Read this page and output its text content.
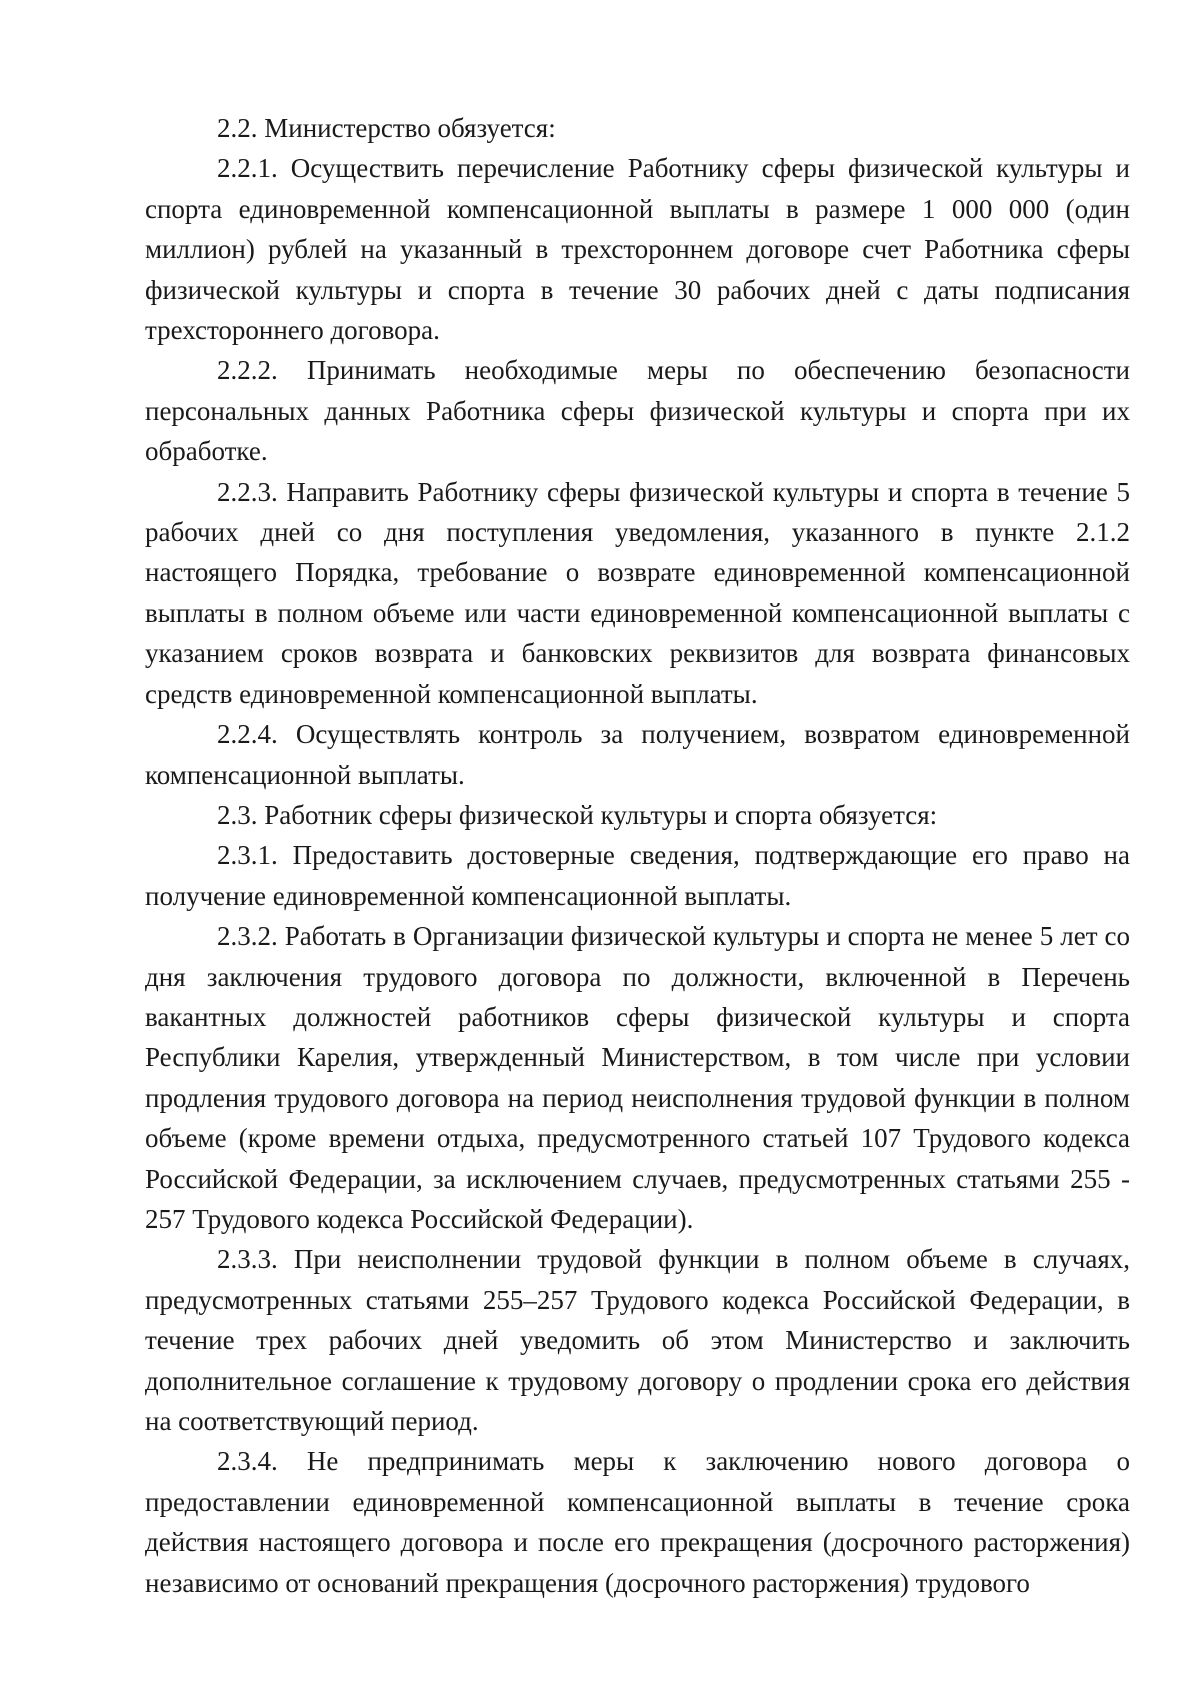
2.2. Министерство обязуется:

2.2.1. Осуществить перечисление Работнику сферы физической культуры и спорта единовременной компенсационной выплаты в размере 1 000 000 (один миллион) рублей на указанный в трехстороннем договоре счет Работника сферы физической культуры и спорта в течение 30 рабочих дней с даты подписания трехстороннего договора.

2.2.2. Принимать необходимые меры по обеспечению безопасности персональных данных Работника сферы физической культуры и спорта при их обработке.

2.2.3. Направить Работнику сферы физической культуры и спорта в течение 5 рабочих дней со дня поступления уведомления, указанного в пункте 2.1.2 настоящего Порядка, требование о возврате единовременной компенсационной выплаты в полном объеме или части единовременной компенсационной выплаты с указанием сроков возврата и банковских реквизитов для возврата финансовых средств единовременной компенсационной выплаты.

2.2.4. Осуществлять контроль за получением, возвратом единовременной компенсационной выплаты.

2.3. Работник сферы физической культуры и спорта обязуется:

2.3.1. Предоставить достоверные сведения, подтверждающие его право на получение единовременной компенсационной выплаты.

2.3.2. Работать в Организации физической культуры и спорта не менее 5 лет со дня заключения трудового договора по должности, включенной в Перечень вакантных должностей работников сферы физической культуры и спорта Республики Карелия, утвержденный Министерством, в том числе при условии продления трудового договора на период неисполнения трудовой функции в полном объеме (кроме времени отдыха, предусмотренного статьей 107 Трудового кодекса Российской Федерации, за исключением случаев, предусмотренных статьями 255 - 257 Трудового кодекса Российской Федерации).

2.3.3. При неисполнении трудовой функции в полном объеме в случаях, предусмотренных статьями 255–257 Трудового кодекса Российской Федерации, в течение трех рабочих дней уведомить об этом Министерство и заключить дополнительное соглашение к трудовому договору о продлении срока его действия на соответствующий период.

2.3.4. Не предпринимать меры к заключению нового договора о предоставлении единовременной компенсационной выплаты в течение срока действия настоящего договора и после его прекращения (досрочного расторжения) независимо от оснований прекращения (досрочного расторжения) трудового
